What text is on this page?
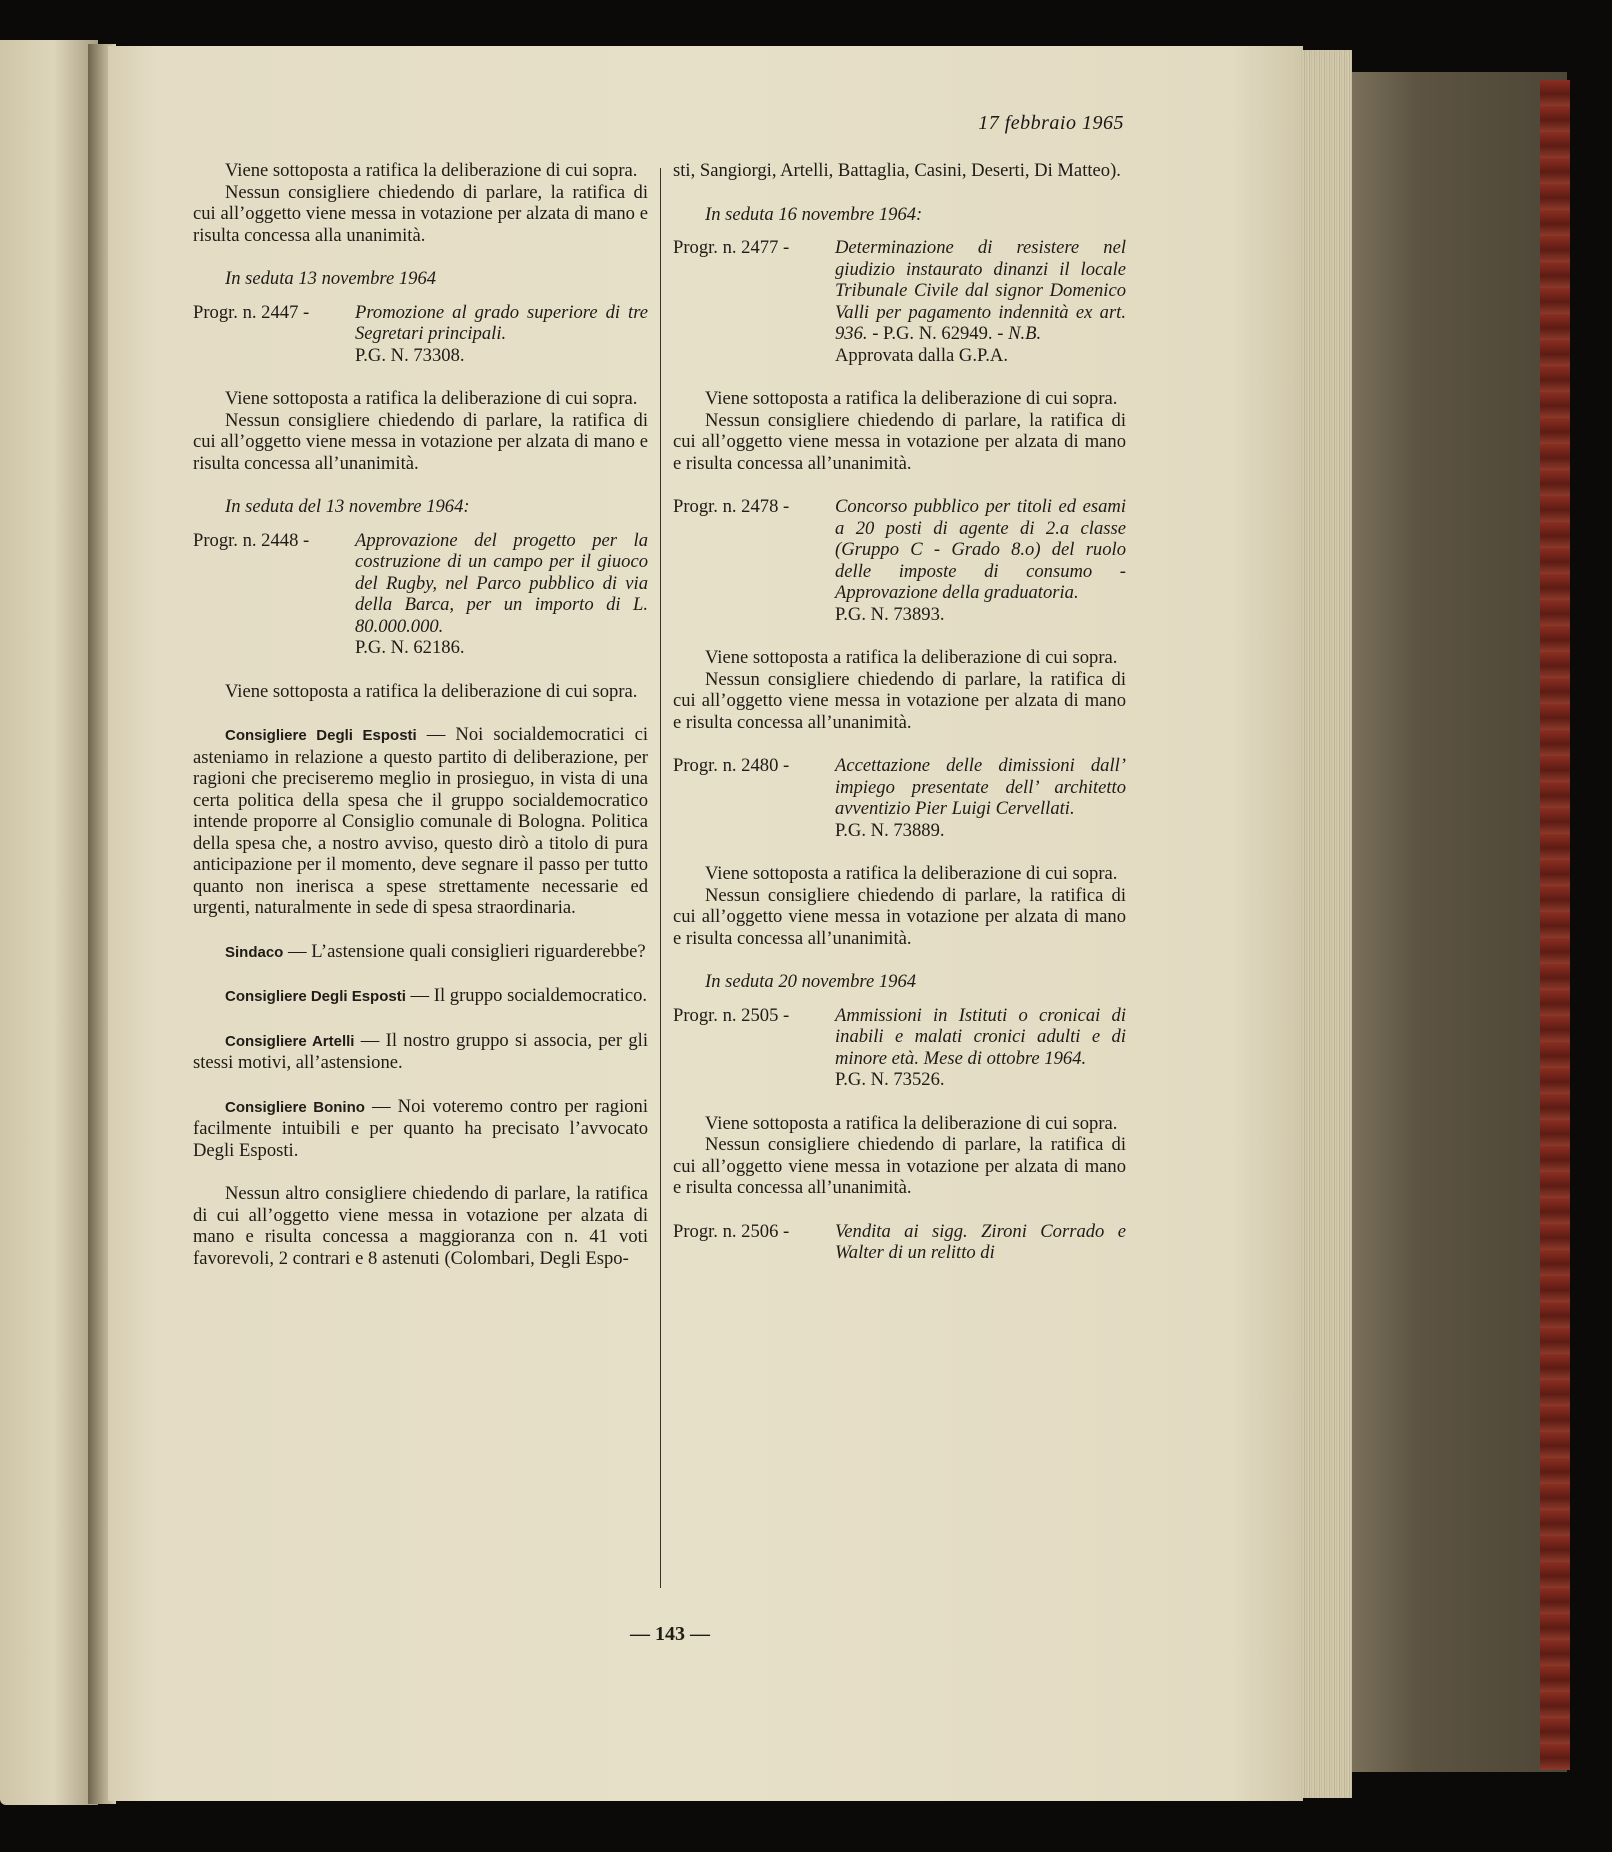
17 febbraio 1965

Viene sottoposta a ratifica la deliberazione di cui sopra.

Nessun consigliere chiedendo di parlare, la ratifica di cui all’oggetto viene messa in votazione per alzata di mano e risulta concessa alla unanimità.

In seduta 13 novembre 1964

Progr. n. 2447 -	Promozione al grado superiore di tre Segretari principali.
P.G. N. 73308.

Viene sottoposta a ratifica la deliberazione di cui sopra.

Nessun consigliere chiedendo di parlare, la ratifica di cui all’oggetto viene messa in votazione per alzata di mano e risulta concessa all’unanimità.

In seduta del 13 novembre 1964:

Progr. n. 2448 -	Approvazione del progetto per la costruzione di un campo per il giuoco del Rugby, nel Parco pubblico di via della Barca, per un importo di L. 80.000.000.
P.G. N. 62186.

Viene sottoposta a ratifica la deliberazione di cui sopra.

Consigliere Degli Esposti — Noi socialdemocratici ci asteniamo in relazione a questo partito di deliberazione, per ragioni che preciseremo meglio in prosieguo, in vista di una certa politica della spesa che il gruppo socialdemocratico intende proporre al Consiglio comunale di Bologna. Politica della spesa che, a nostro avviso, questo dirò a titolo di pura anticipazione per il momento, deve segnare il passo per tutto quanto non inerisca a spese strettamente necessarie ed urgenti, naturalmente in sede di spesa straordinaria.

Sindaco — L’astensione quali consiglieri riguarderebbe?

Consigliere Degli Esposti — Il gruppo socialdemocratico.

Consigliere Artelli — Il nostro gruppo si associa, per gli stessi motivi, all’astensione.

Consigliere Bonino — Noi voteremo contro per ragioni facilmente intuibili e per quanto ha precisato l’avvocato Degli Esposti.

Nessun altro consigliere chiedendo di parlare, la ratifica di cui all’oggetto viene messa in votazione per alzata di mano e risulta concessa a maggioranza con n. 41 voti favorevoli, 2 contrari e 8 astenuti (Colombari, Degli Espo-

sti, Sangiorgi, Artelli, Battaglia, Casini, Deserti, Di Matteo).

In seduta 16 novembre 1964:

Progr. n. 2477 -	Determinazione di resistere nel giudizio instaurato dinanzi il locale Tribunale Civile dal signor Domenico Valli per pagamento indennità ex art. 936. - P.G. N. 62949. - N.B.
Approvata dalla G.P.A.

Viene sottoposta a ratifica la deliberazione di cui sopra.

Nessun consigliere chiedendo di parlare, la ratifica di cui all’oggetto viene messa in votazione per alzata di mano e risulta concessa all’unanimità.

Progr. n. 2478 -	Concorso pubblico per titoli ed esami a 20 posti di agente di 2.a classe (Gruppo C - Grado 8.o) del ruolo delle imposte di consumo - Approvazione della graduatoria.
P.G. N. 73893.

Viene sottoposta a ratifica la deliberazione di cui sopra.

Nessun consigliere chiedendo di parlare, la ratifica di cui all’oggetto viene messa in votazione per alzata di mano e risulta concessa all’unanimità.

Progr. n. 2480 -	Accettazione delle dimissioni dall’ impiego presentate dell’ architetto avventizio Pier Luigi Cervellati.
P.G. N. 73889.

Viene sottoposta a ratifica la deliberazione di cui sopra.

Nessun consigliere chiedendo di parlare, la ratifica di cui all’oggetto viene messa in votazione per alzata di mano e risulta concessa all’unanimità.

In seduta 20 novembre 1964

Progr. n. 2505 -	Ammissioni in Istituti o cronicai di inabili e malati cronici adulti e di minore età. Mese di ottobre 1964.
P.G. N. 73526.

Viene sottoposta a ratifica la deliberazione di cui sopra.

Nessun consigliere chiedendo di parlare, la ratifica di cui all’oggetto viene messa in votazione per alzata di mano e risulta concessa all’unanimità.

Progr. n. 2506 -	Vendita ai sigg. Zironi Corrado e Walter di un relitto di
— 143 —
